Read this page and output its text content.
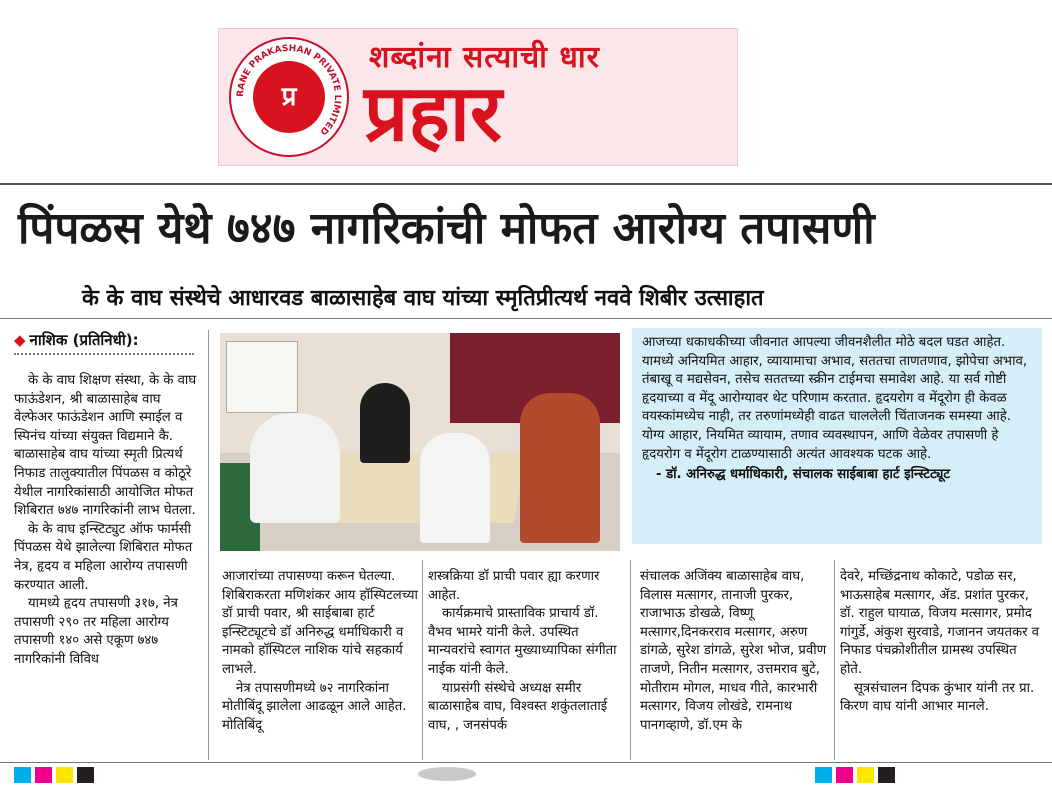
RANE PRAKASHAN PRIVATE LIMITED
प्र
शब्दांना सत्याची धार
प्रहार
पिंपळस येथे ७४७ नागरिकांची मोफत आरोग्य तपासणी
के के वाघ संस्थेचे आधारवड बाळासाहेब वाघ यांच्या स्मृतिप्रीत्यर्थ नववे शिबीर उत्साहात
◆ नाशिक (प्रतिनिधी):

के के वाघ शिक्षण संस्था, के के वाघ फाऊंडेशन, श्री बाळासाहेब वाघ वेल्फेअर फाऊंडेशन आणि स्माईल व स्पिनंच यांच्या संयुक्त विद्यमाने कै. बाळासाहेब वाघ यांच्या स्मृती प्रित्यर्थ निफाड तालुक्यातील पिंपळस व कोठूरे येथील नागरिकांसाठी आयोजित मोफत शिबिरात ७४७ नागरिकांनी लाभ घेतला.

के के वाघ इन्स्टिट्युट ऑफ फार्मसी पिंपळस येथे झालेल्या शिबिरात मोफत नेत्र, हृदय व महिला आरोग्य तपासणी करण्यात आली.

यामध्ये हृदय तपासणी ३१७, नेत्र तपासणी २९० तर महिला आरोग्य तपासणी १४० असे एकूण ७४७ नागरिकांनी विविध

आजच्या धकाधकीच्या जीवनात आपल्या जीवनशैलीत मोठे बदल घडत आहेत. यामध्ये अनियमित आहार, व्यायामाचा अभाव, सततचा ताणतणाव, झोपेचा अभाव, तंबाखू व मद्यसेवन, तसेच सततच्या स्क्रीन टाईमचा समावेश आहे. या सर्व गोष्टी हृदयाच्या व मेंदू आरोग्यावर थेट परिणाम करतात. हृदयरोग व मेंदूरोग ही केवळ वयस्कांमध्येच नाही, तर तरुणांमध्येही वाढत चाललेली चिंताजनक समस्या आहे. योग्य आहार, नियमित व्यायाम, तणाव व्यवस्थापन, आणि वेळेवर तपासणी हे हृदयरोग व मेंदूरोग टाळण्यासाठी अत्यंत आवश्यक घटक आहे.

- डॉ. अनिरुद्ध धर्माधिकारी, संचालक साईबाबा हार्ट इन्स्टिट्यूट

आजारांच्या तपासण्या करून घेतल्या. शिबिराकरता मणिशंकर आय हॉस्पिटलच्या डॉ प्राची पवार, श्री साईबाबा हार्ट इन्स्टिट्यूटचे डॉ अनिरुद्ध धर्माधिकारी व नामको हॉस्पिटल नाशिक यांचे सहकार्य लाभले.

नेत्र तपासणीमध्ये ७२ नागरिकांना मोतीबिंदू झालेला आढळून आले आहेत. मोतिबिंदू

शस्त्रक्रिया डॉ प्राची पवार ह्या करणार आहेत.

कार्यक्रमाचे प्रास्ताविक प्राचार्य डॉ. वैभव भामरे यांनी केले. उपस्थित मान्यवरांचे स्वागत मुख्याध्यापिका संगीता नाईक यांनी केले.

याप्रसंगी संस्थेचे अध्यक्ष समीर बाळासाहेब वाघ, विश्वस्त शकुंतलाताई वाघ, , जनसंपर्क

संचालक अजिंक्य बाळासाहेब वाघ, विलास मत्सागर, तानाजी पुरकर, राजाभाऊ डोखळे, विष्णू मत्सागर,दिनकरराव मत्सागर, अरुण डांगळे, सुरेश डांगळे, सुरेश भोज, प्रवीण ताजणे, नितीन मत्सागर, उत्तमराव बुटे, मोतीराम मोगल, माधव गीते, कारभारी मत्सागर, विजय लोखंडे, रामनाथ पानगव्हाणे, डॉ.एम के

देवरे, मच्छिंद्रनाथ कोकाटे, पडोळ सर, भाऊसाहेब मत्सागर, ॲड. प्रशांत पुरकर, डॉ. राहुल घायाळ, विजय मत्सागर, प्रमोद गांगुर्डे, अंकुश सुरवाडे, गजानन जयतकर व निफाड पंचक्रोशीतील ग्रामस्थ उपस्थित होते.

सूत्रसंचालन दिपक कुंभार यांनी तर प्रा. किरण वाघ यांनी आभार मानले.
